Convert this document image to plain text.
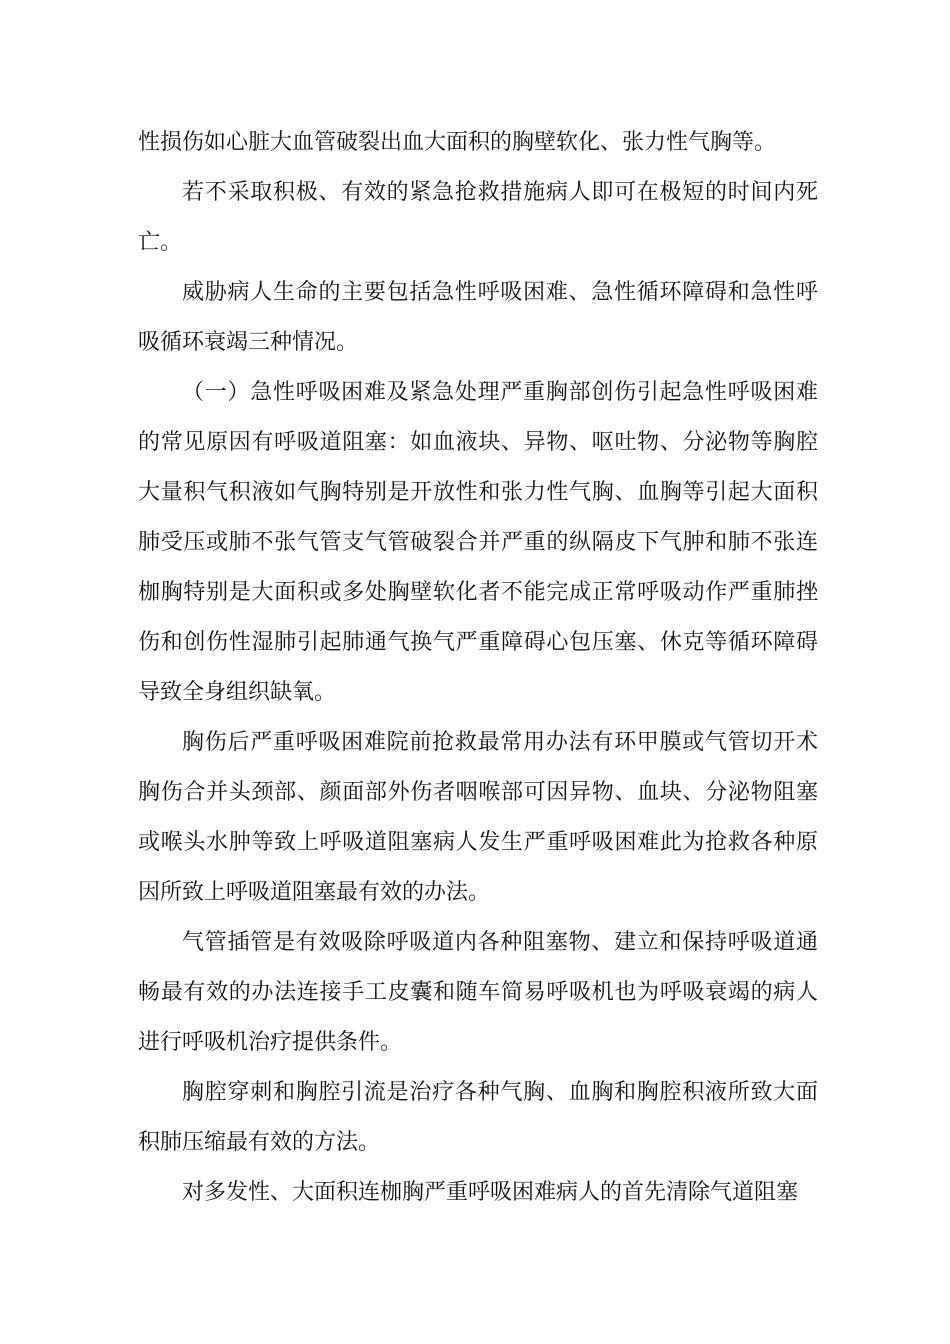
性损伤如心脏大血管破裂出血大面积的胸壁软化、张力性气胸等。

若不采取积极、有效的紧急抢救措施病人即可在极短的时间内死亡。

威胁病人生命的主要包括急性呼吸困难、急性循环障碍和急性呼吸循环衰竭三种情况。

（一）急性呼吸困难及紧急处理严重胸部创伤引起急性呼吸困难的常见原因有呼吸道阻塞：如血液块、异物、呕吐物、分泌物等胸腔大量积气积液如气胸特别是开放性和张力性气胸、血胸等引起大面积肺受压或肺不张气管支气管破裂合并严重的纵隔皮下气肿和肺不张连枷胸特别是大面积或多处胸壁软化者不能完成正常呼吸动作严重肺挫伤和创伤性湿肺引起肺通气换气严重障碍心包压塞、休克等循环障碍导致全身组织缺氧。

胸伤后严重呼吸困难院前抢救最常用办法有环甲膜或气管切开术胸伤合并头颈部、颜面部外伤者咽喉部可因异物、血块、分泌物阻塞或喉头水肿等致上呼吸道阻塞病人发生严重呼吸困难此为抢救各种原因所致上呼吸道阻塞最有效的办法。

气管插管是有效吸除呼吸道内各种阻塞物、建立和保持呼吸道通畅最有效的办法连接手工皮囊和随车简易呼吸机也为呼吸衰竭的病人进行呼吸机治疗提供条件。

胸腔穿刺和胸腔引流是治疗各种气胸、血胸和胸腔积液所致大面积肺压缩最有效的方法。

对多发性、大面积连枷胸严重呼吸困难病人的首先清除气道阻塞
